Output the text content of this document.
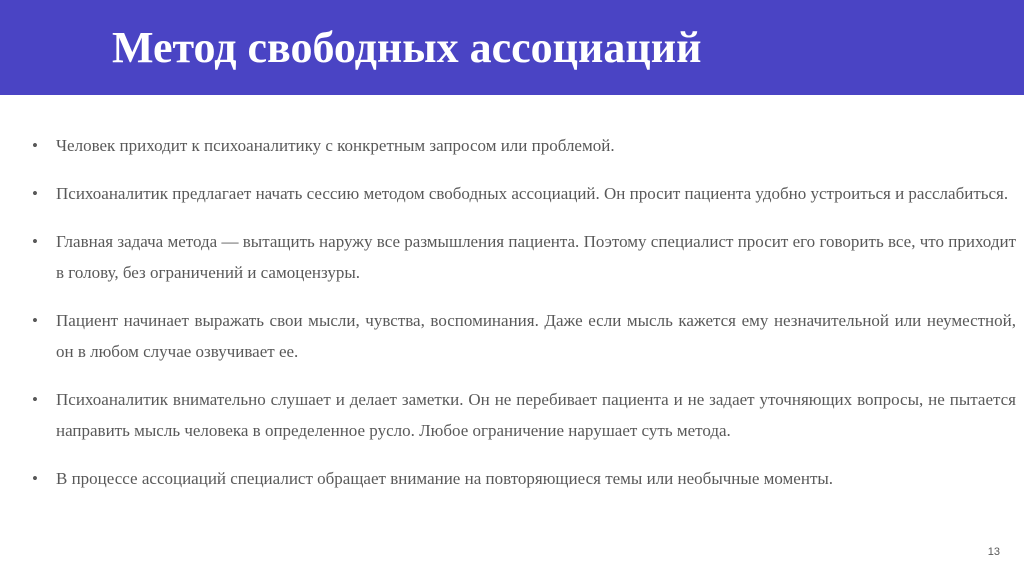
Метод свободных ассоциаций
• Человек приходит к психоаналитику с конкретным запросом или проблемой.
• Психоаналитик предлагает начать сессию методом свободных ассоциаций. Он просит пациента удобно устроиться и расслабиться.
• Главная задача метода — вытащить наружу все размышления пациента. Поэтому специалист просит его говорить все, что приходит в голову, без ограничений и самоцензуры.
• Пациент начинает выражать свои мысли, чувства, воспоминания. Даже если мысль кажется ему незначительной или неуместной, он в любом случае озвучивает ее.
• Психоаналитик внимательно слушает и делает заметки. Он не перебивает пациента и не задает уточняющих вопросы, не пытается направить мысль человека в определенное русло. Любое ограничение нарушает суть метода.
• В процессе ассоциаций специалист обращает внимание на повторяющиеся темы или необычные моменты.
13
